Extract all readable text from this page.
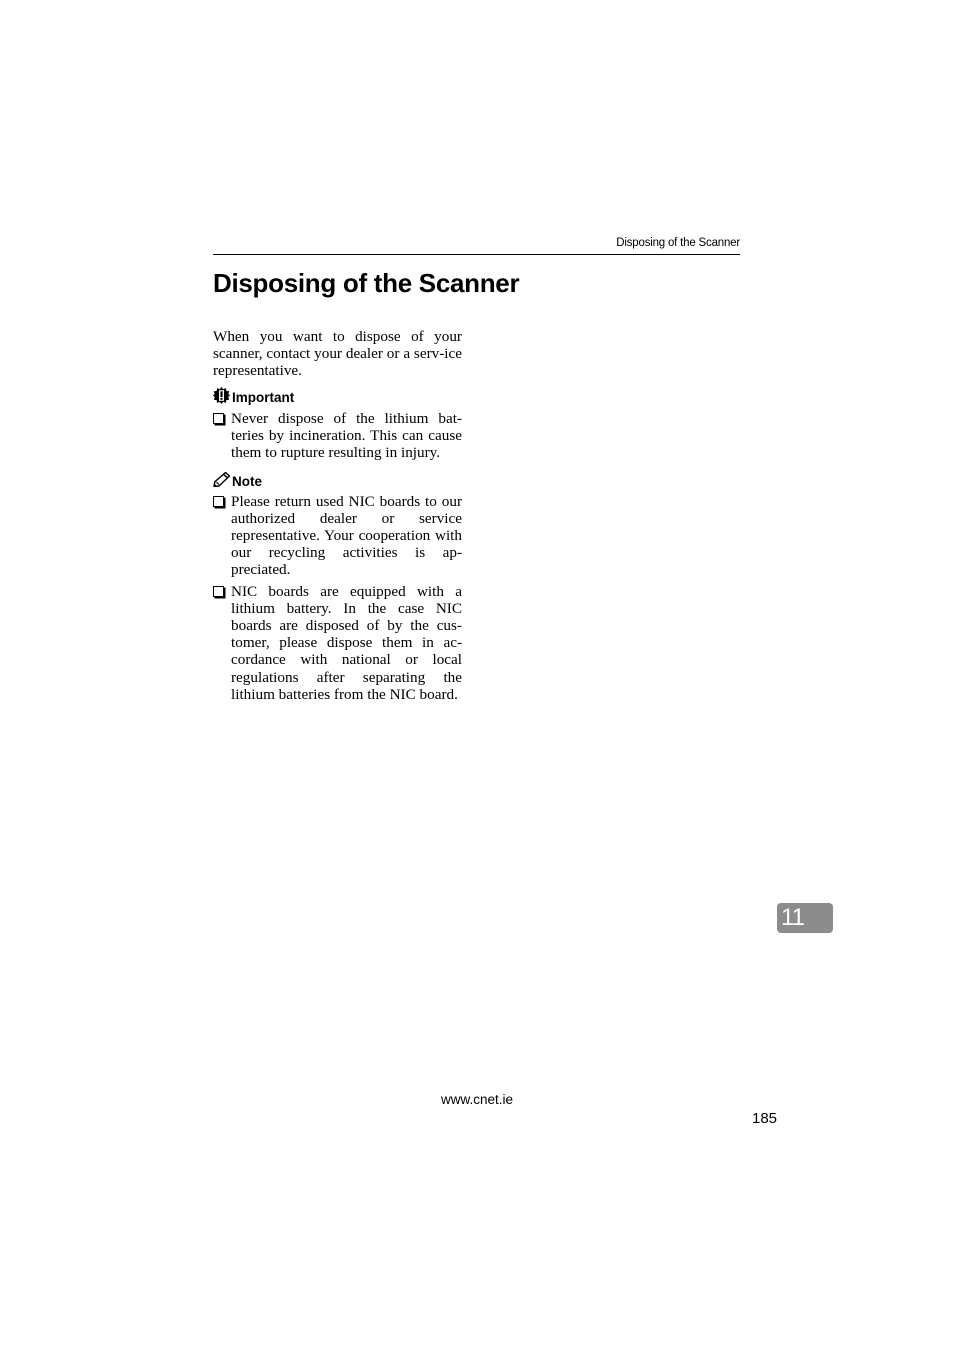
Disposing of the Scanner
Disposing of the Scanner

When you want to dispose of your scanner, contact your dealer or a serv-ice representative.

Important
Never dispose of the lithium bat-teries by incineration. This can cause them to rupture resulting in injury.
Note
Please return used NIC boards to our authorized dealer or service representative. Your cooperation with our recycling activities is ap-preciated.
NIC boards are equipped with a lithium battery. In the case NIC boards are disposed of by the cus-tomer, please dispose them in ac-cordance with national or local regulations after separating the lithium batteries from the NIC board.
11
www.cnet.ie
185
